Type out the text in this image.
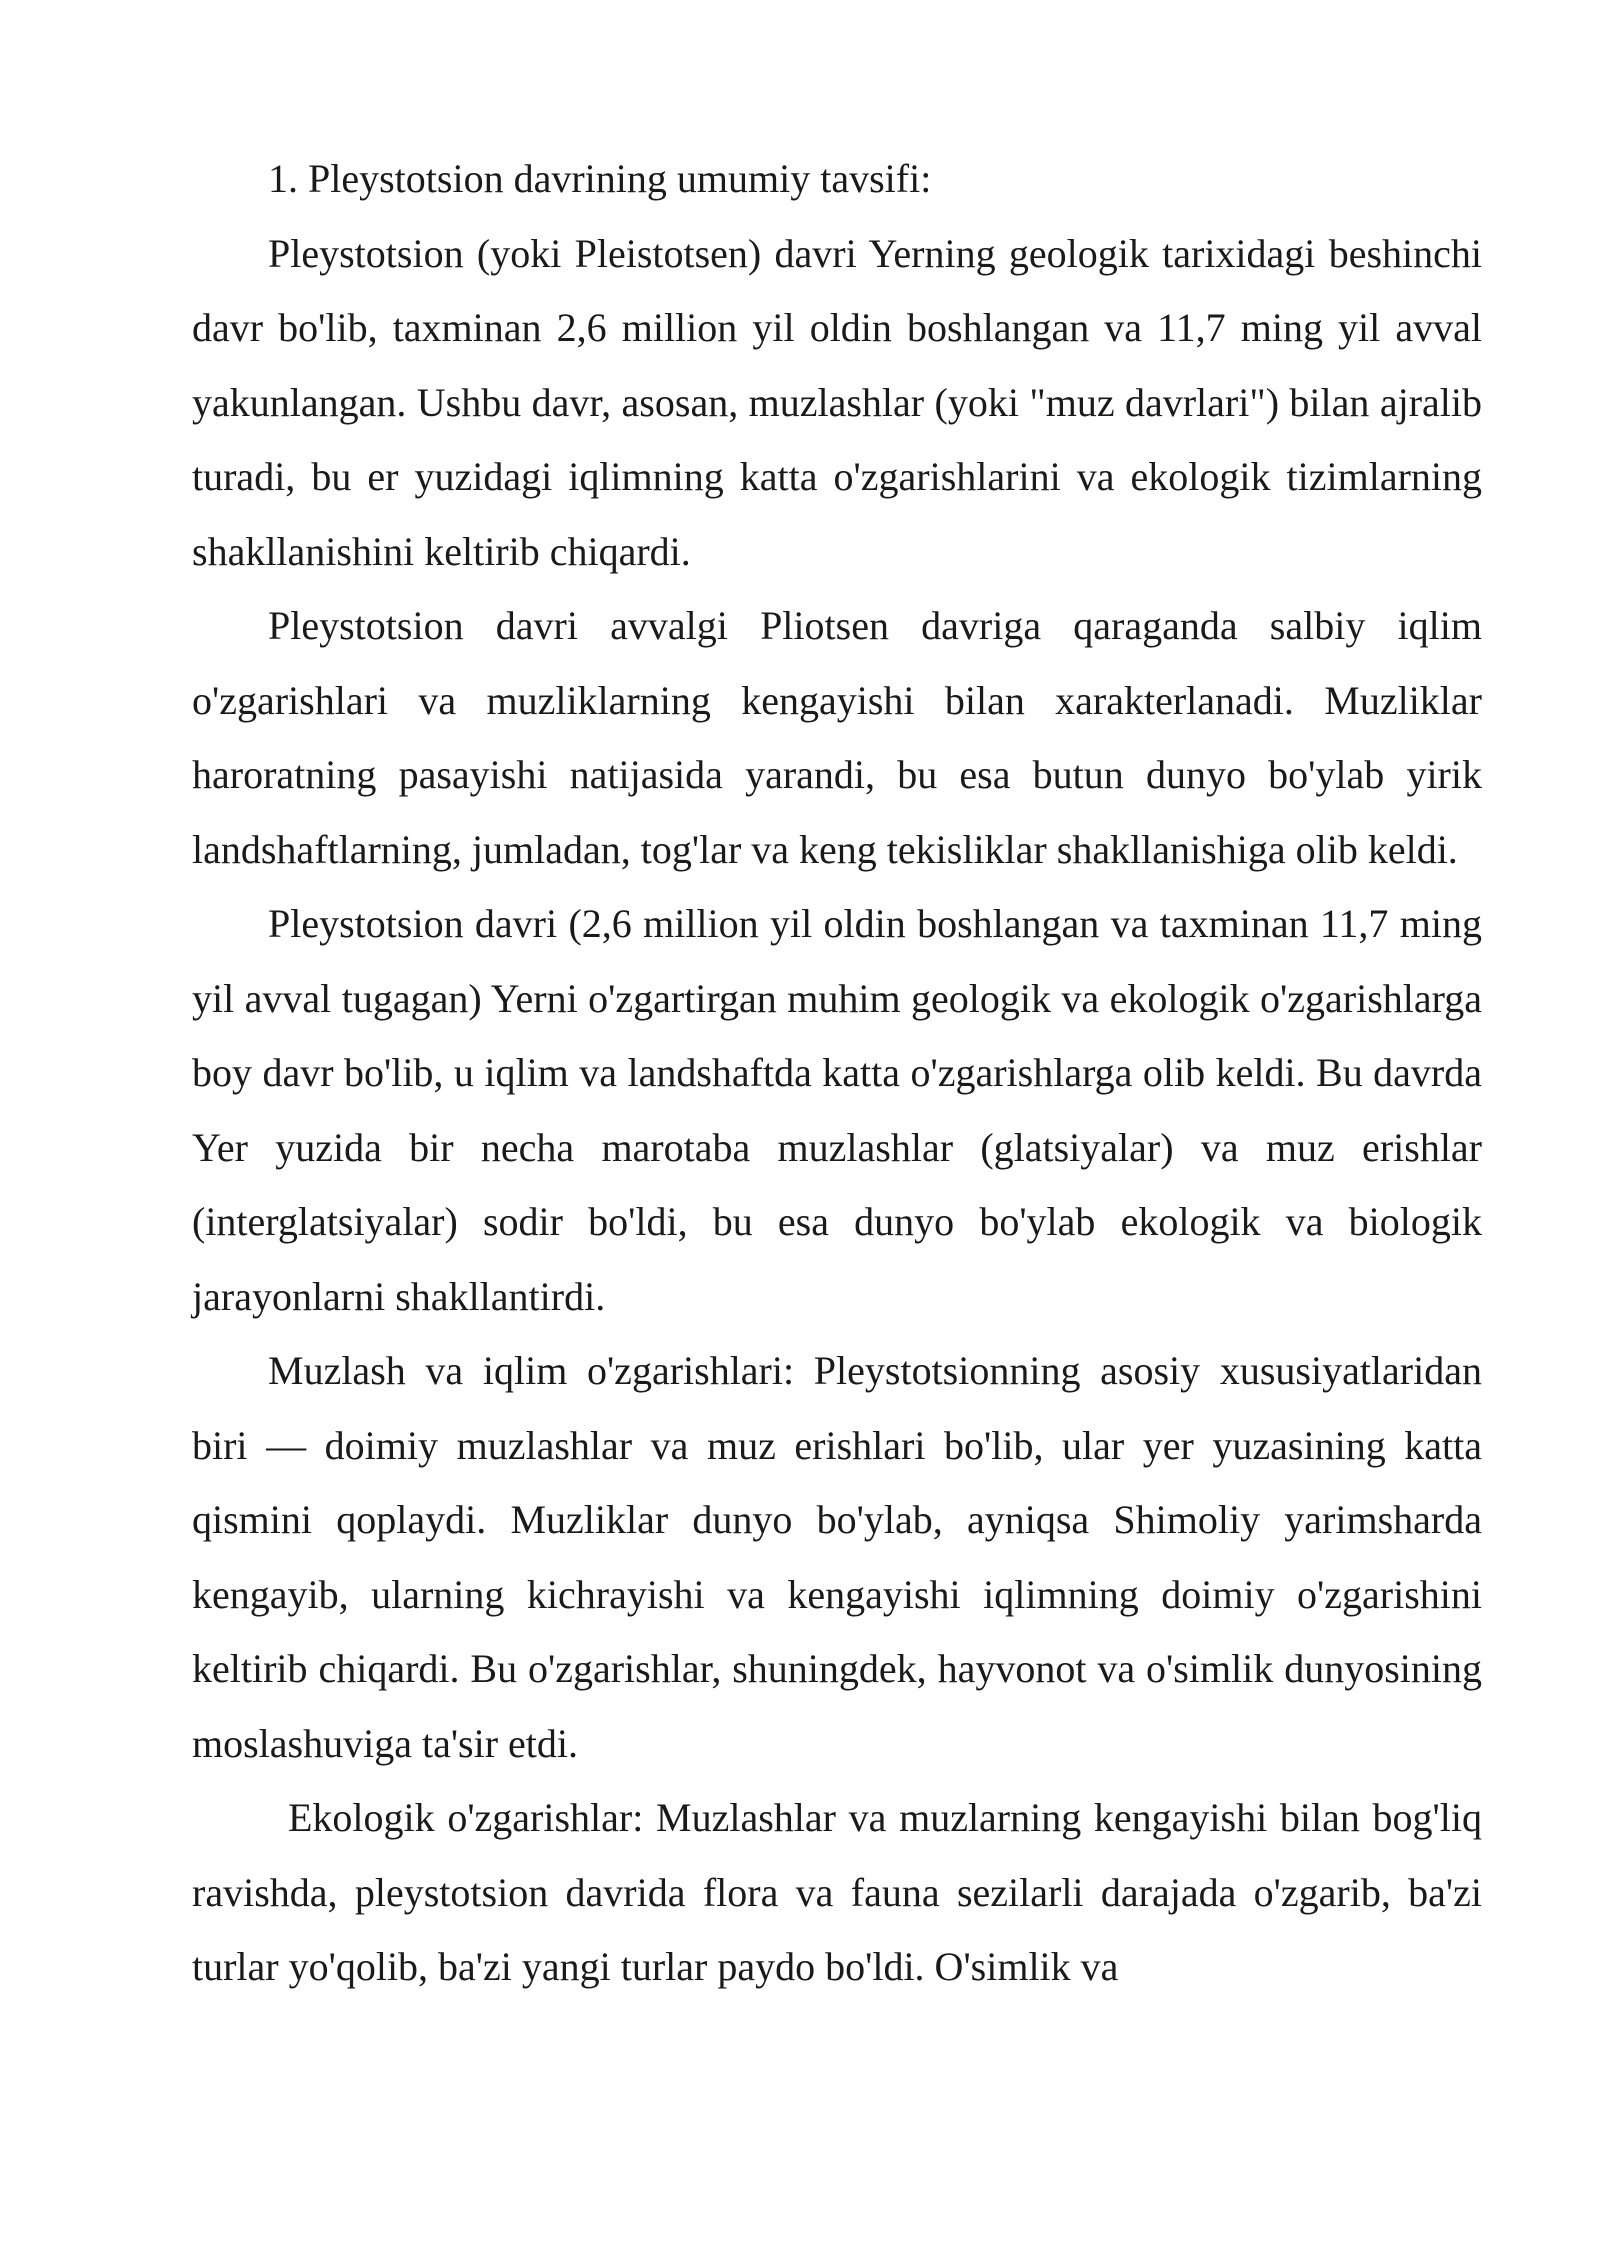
1. Pleystotsion davrining umumiy tavsifi:

Pleystotsion (yoki Pleistotsen) davri Yerning geologik tarixidagi beshinchi davr bo'lib, taxminan 2,6 million yil oldin boshlangan va 11,7 ming yil avval yakunlangan. Ushbu davr, asosan, muzlashlar (yoki "muz davrlari") bilan ajralib turadi, bu er yuzidagi iqlimning katta o'zgarishlarini va ekologik tizimlarning shakllanishini keltirib chiqardi.

Pleystotsion davri avvalgi Pliotsen davriga qaraganda salbiy iqlim o'zgarishlari va muzliklarning kengayishi bilan xarakterlanadi. Muzliklar haroratning pasayishi natijasida yarandi, bu esa butun dunyo bo'ylab yirik landshaftlarning, jumladan, tog'lar va keng tekisliklar shakllanishiga olib keldi.

Pleystotsion davri (2,6 million yil oldin boshlangan va taxminan 11,7 ming yil avval tugagan) Yerni o'zgartirgan muhim geologik va ekologik o'zgarishlarga boy davr bo'lib, u iqlim va landshaftda katta o'zgarishlarga olib keldi. Bu davrda Yer yuzida bir necha marotaba muzlashlar (glatsiyalar) va muz erishlar (interglatsiyalar) sodir bo'ldi, bu esa dunyo bo'ylab ekologik va biologik jarayonlarni shakllantirdi.

Muzlash va iqlim o'zgarishlari: Pleystotsionning asosiy xususiyatlaridan biri — doimiy muzlashlar va muz erishlari bo'lib, ular yer yuzasining katta qismini qoplaydi. Muzliklar dunyo bo'ylab, ayniqsa Shimoliy yarimsharda kengayib, ularning kichrayishi va kengayishi iqlimning doimiy o'zgarishini keltirib chiqardi. Bu o'zgarishlar, shuningdek, hayvonot va o'simlik dunyosining moslashuviga ta'sir etdi.

Ekologik o'zgarishlar: Muzlashlar va muzlarning kengayishi bilan bog'liq ravishda, pleystotsion davrida flora va fauna sezilarli darajada o'zgarib, ba'zi turlar yo'qolib, ba'zi yangi turlar paydo bo'ldi. O'simlik va
